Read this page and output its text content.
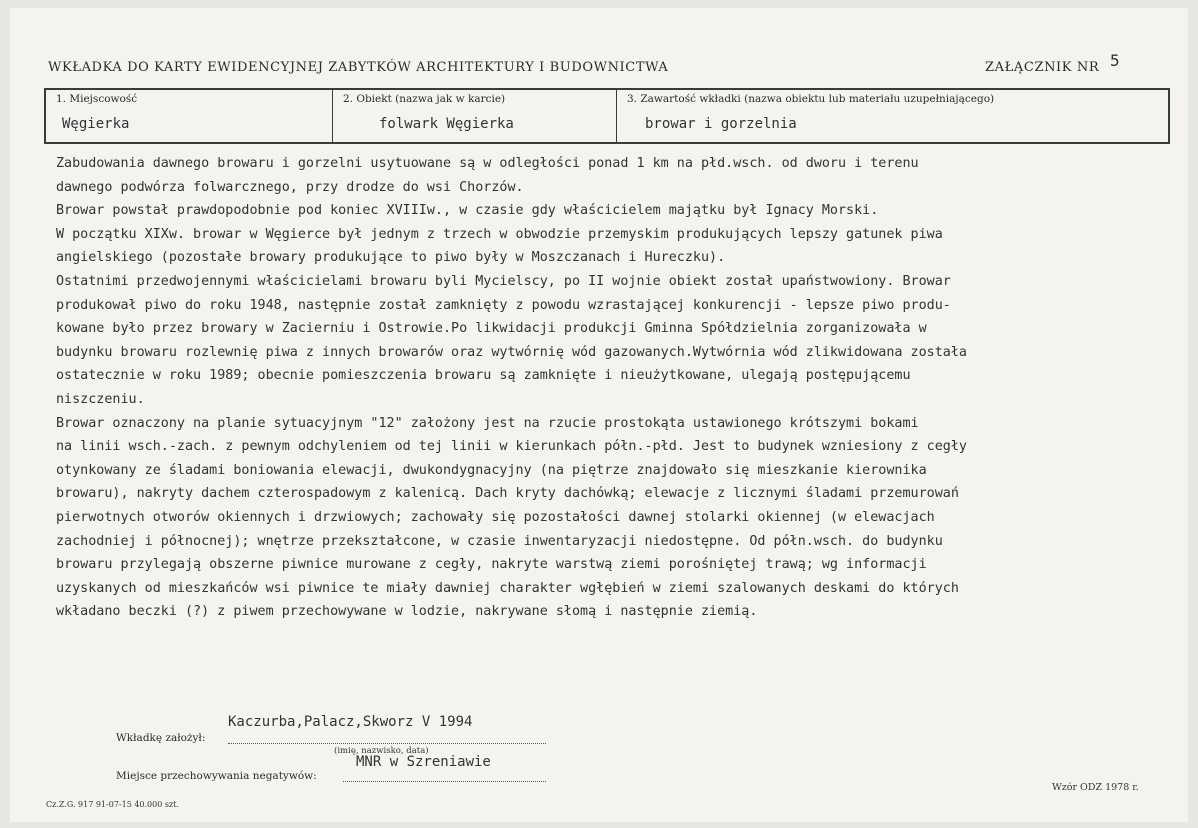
WKŁADKA DO KARTY EWIDENCYJNEJ ZABYTKÓW ARCHITEKTURY I BUDOWNICTWA	ZAŁĄCZNIK NR 5
1. Miejscowość
Węgierka
2. Obiekt (nazwa jak w karcie)
folwark Węgierka
3. Zawartość wkładki (nazwa obiektu lub materiału uzupełniającego)
browar i gorzelnia
Zabudowania dawnego browaru i gorzelni usytuowane są w odległości ponad 1 km na płd.wsch. od dworu i terenu
dawnego podwórza folwarcznego, przy drodze do wsi Chorzów.
Browar powstał prawdopodobnie pod koniec XVIIIw., w czasie gdy właścicielem majątku był Ignacy Morski.
W początku XIXw. browar w Węgierce był jednym z trzech w obwodzie przemyskim produkujących lepszy gatunek piwa
angielskiego (pozostałe browary produkujące to piwo były w Moszczanach i Hureczku).
Ostatnimi przedwojennymi właścicielami browaru byli Mycielscy, po II wojnie obiekt został upaństwowiony. Browar
produkował piwo do roku 1948, następnie został zamknięty z powodu wzrastającej konkurencji - lepsze piwo produ-
kowane było przez browary w Zacierniu i Ostrowie.Po likwidacji produkcji Gminna Spółdzielnia zorganizowała w
budynku browaru rozlewnię piwa z innych browarów oraz wytwórnię wód gazowanych.Wytwórnia wód zlikwidowana została
ostatecznie w roku 1989; obecnie pomieszczenia browaru są zamknięte i nieużytkowane, ulegają postępującemu
niszczeniu.
Browar oznaczony na planie sytuacyjnym "12" założony jest na rzucie prostokąta ustawionego krótszymi bokami
na linii wsch.-zach. z pewnym odchyleniem od tej linii w kierunkach półn.-płd. Jest to budynek wzniesiony z cegły
otynkowany ze śladami boniowania elewacji, dwukondygnacyjny (na piętrze znajdowało się mieszkanie kierownika
browaru), nakryty dachem czterospadowym z kalenicą. Dach kryty dachówką; elewacje z licznymi śladami przemurowań
pierwotnych otworów okiennych i drzwiowych; zachowały się pozostałości dawnej stolarki okiennej (w elewacjach
zachodniej i północnej); wnętrze przekształcone, w czasie inwentaryzacji niedostępne. Od półn.wsch. do budynku
browaru przylegają obszerne piwnice murowane z cegły, nakryte warstwą ziemi porośniętej trawą; wg informacji
uzyskanych od mieszkańców wsi piwnice te miały dawniej charakter wgłębień w ziemi szalowanych deskami do których
wkładano beczki (?) z piwem przechowywane w lodzie, nakrywane słomą i następnie ziemią.
Wkładkę założył:
Kaczurba,Palacz,Skworz V 1994
(imię, nazwisko, data)
Miejsce przechowywania negatywów:
MNR w Szreniawie
Cz.Z.G. 917 91-07-15 40.000 szt.
Wzór ODZ 1978 r.
